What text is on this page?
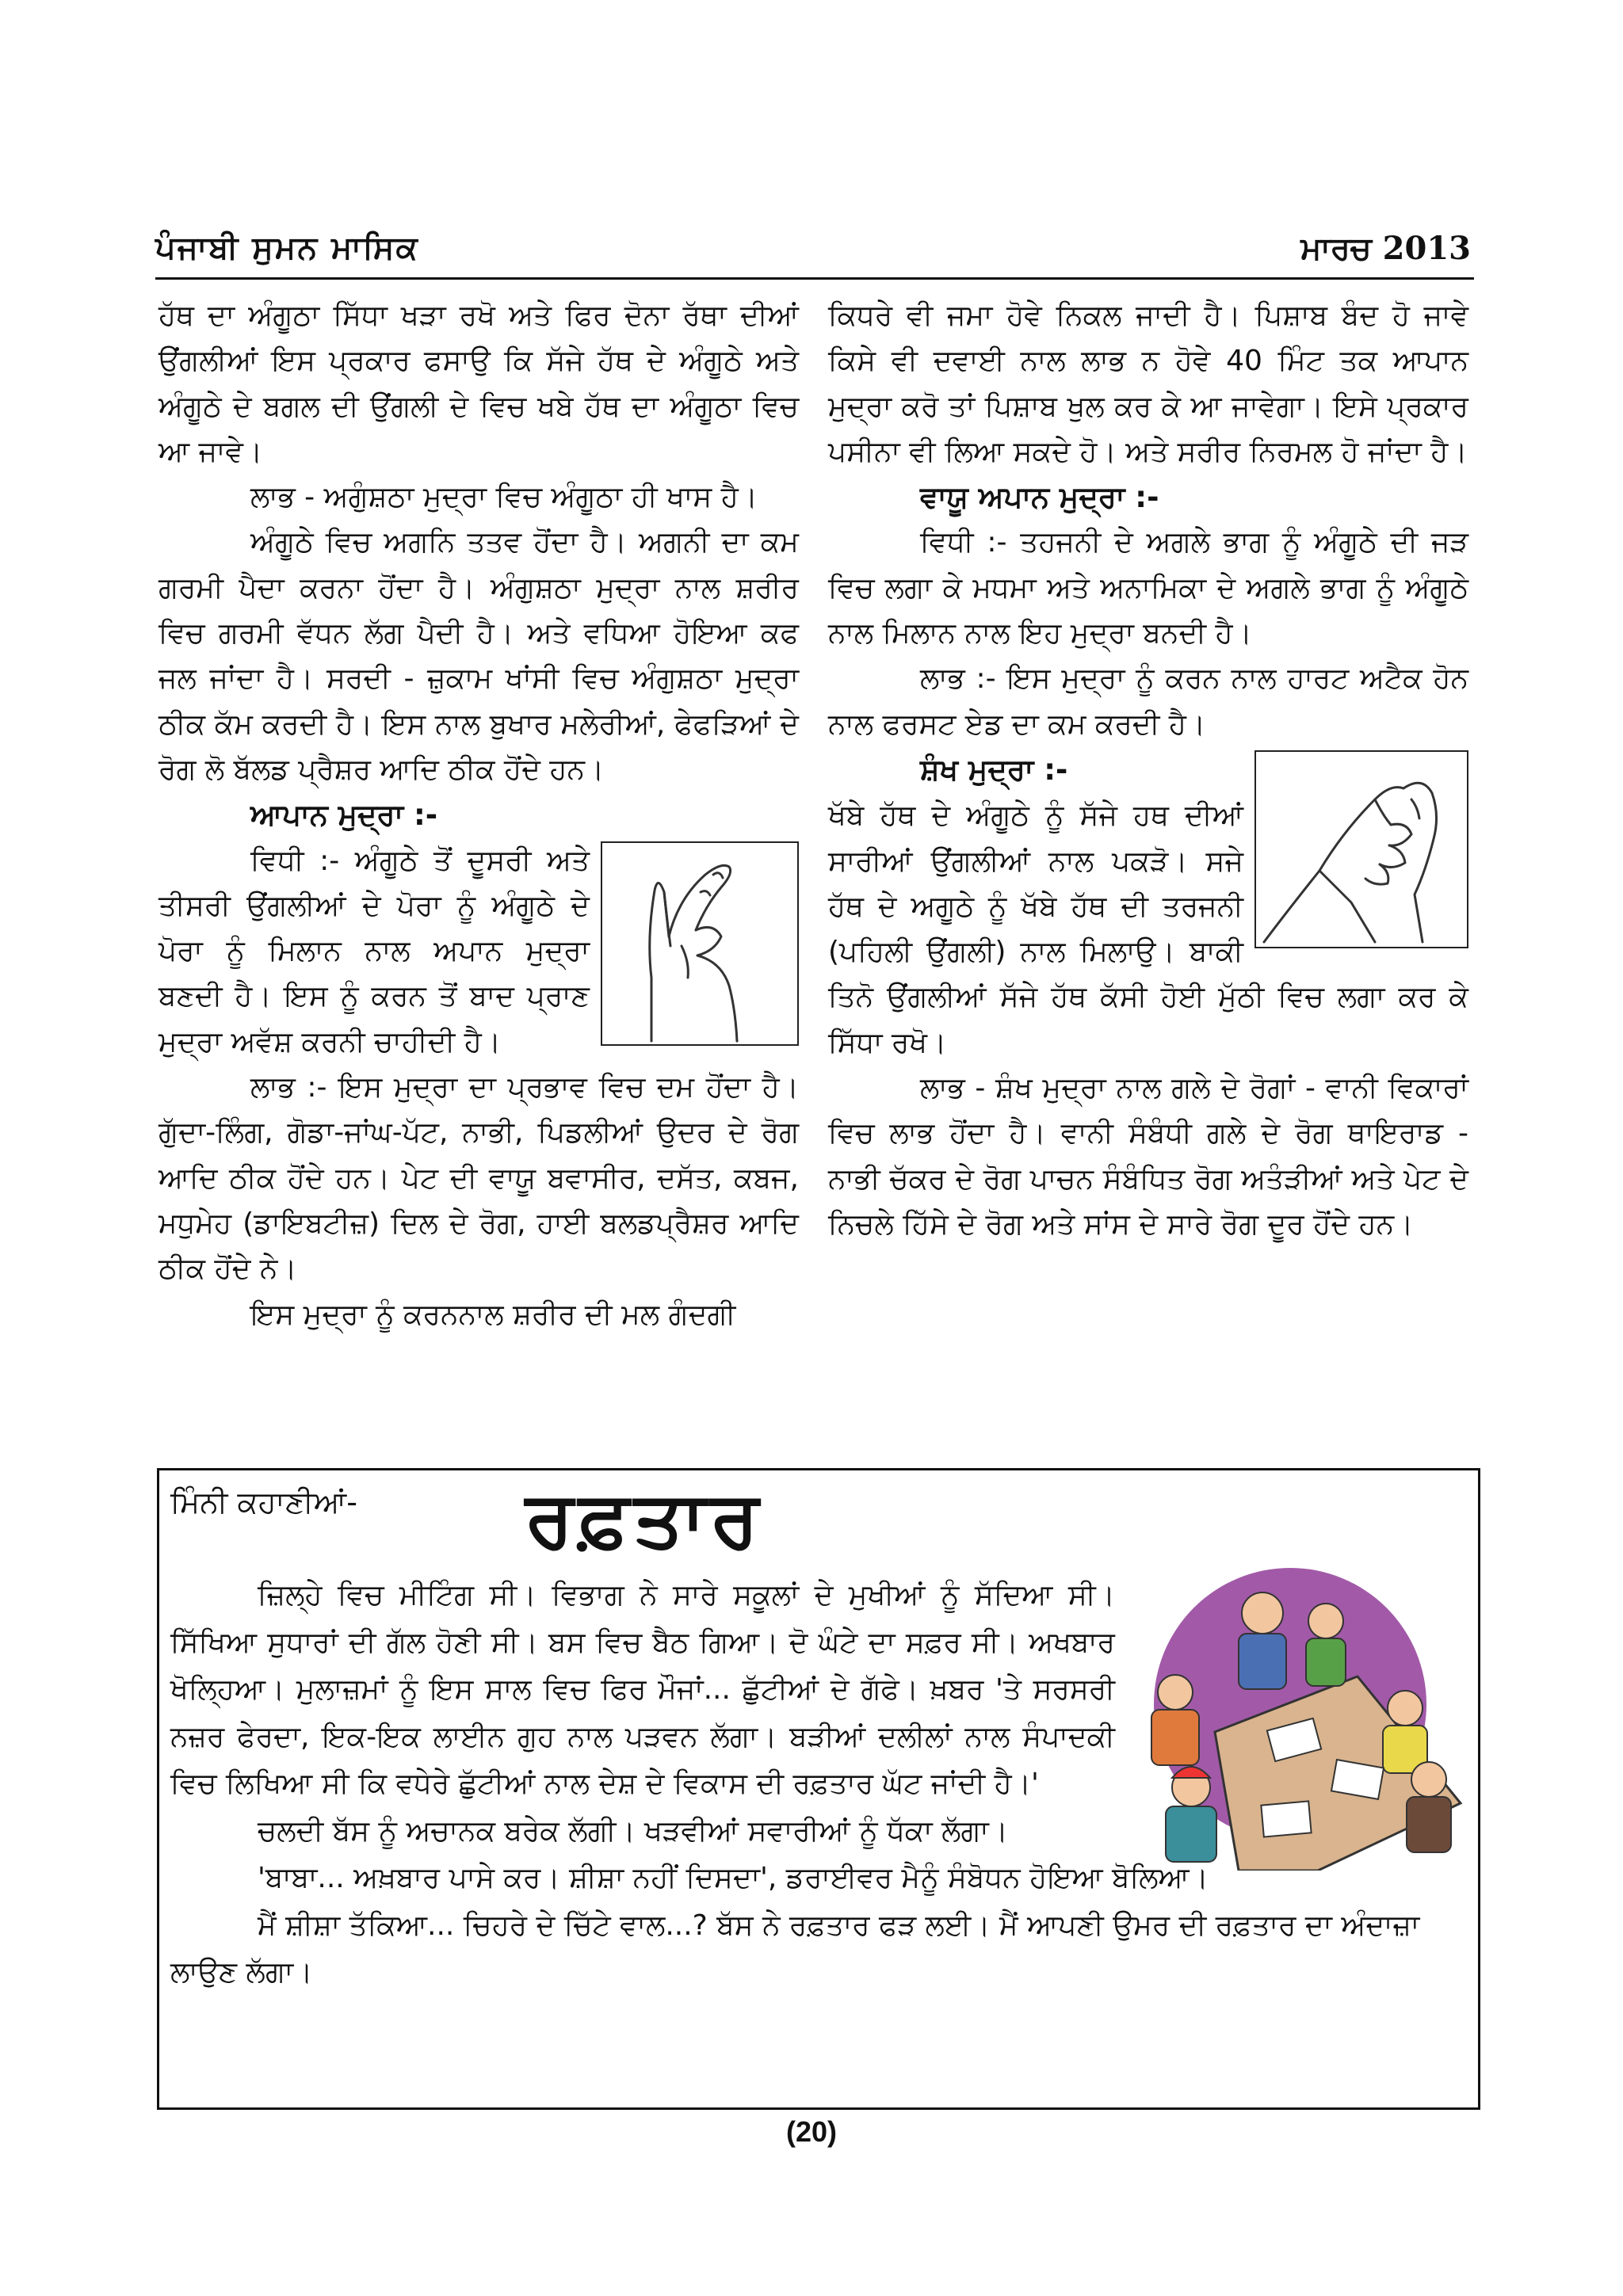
ਪੰਜਾਬੀ ਸੁਮਨ ਮਾਸਿਕ	ਮਾਰਚ 2013

ਹੱਥ ਦਾ ਅੰਗੂਠਾ ਸਿੱਧਾ ਖੜਾ ਰਖੋ ਅਤੇ ਫਿਰ ਦੋਨਾ ਰੱਥਾ ਦੀਆਂ ਉਂਗਲੀਆਂ ਇਸ ਪ੍ਰਕਾਰ ਫਸਾਉ ਕਿ ਸੱਜੇ ਹੱਥ ਦੇ ਅੰਗੂਠੇ ਅਤੇ ਅੰਗੂਠੇ ਦੇ ਬਗਲ ਦੀ ਉਂਗਲੀ ਦੇ ਵਿਚ ਖਬੇ ਹੱਥ ਦਾ ਅੰਗੂਠਾ ਵਿਚ ਆ ਜਾਵੇ।

ਲਾਭ - ਅਗੁੰਸ਼ਠਾ ਮੁਦ੍ਰਾ ਵਿਚ ਅੰਗੂਠਾ ਹੀ ਖਾਸ ਹੈ।

ਅੰਗੂਠੇ ਵਿਚ ਅਗਨਿ ਤਤਵ ਹੋਂਦਾ ਹੈ। ਅਗਨੀ ਦਾ ਕਮ ਗਰਮੀ ਪੈਦਾ ਕਰਨਾ ਹੋਂਦਾ ਹੈ। ਅੰਗੁਸ਼ਠਾ ਮੁਦ੍ਰਾ ਨਾਲ ਸ਼ਰੀਰ ਵਿਚ ਗਰਮੀ ਵੱਧਨ ਲੱਗ ਪੈਦੀ ਹੈ। ਅਤੇ ਵਧਿਆ ਹੋਇਆ ਕਫ ਜਲ ਜਾਂਦਾ ਹੈ। ਸਰਦੀ - ਜ਼ੁਕਾਮ ਖਾਂਸੀ ਵਿਚ ਅੰਗੁਸ਼ਠਾ ਮੁਦ੍ਰਾ ਠੀਕ ਕੱਮ ਕਰਦੀ ਹੈ। ਇਸ ਨਾਲ ਬੁਖਾਰ ਮਲੇਰੀਆਂ, ਫੇਫੜਿਆਂ ਦੇ ਰੋਗ ਲੋ ਬੱਲਡ ਪ੍ਰੈਸ਼ਰ ਆਦਿ ਠੀਕ ਹੋਂਦੇ ਹਨ।

ਆਪਾਨ ਮੁਦ੍ਰਾ :-

ਵਿਧੀ :- ਅੰਗੂਠੇ ਤੋਂ ਦੂਸਰੀ ਅਤੇ ਤੀਸਰੀ ਉਂਗਲੀਆਂ ਦੇ ਪੋਰਾ ਨੂੰ ਅੰਗੂਠੇ ਦੇ ਪੋਰਾ ਨੂੰ ਮਿਲਾਨ ਨਾਲ ਅਪਾਨ ਮੁਦ੍ਰਾ ਬਣਦੀ ਹੈ। ਇਸ ਨੂੰ ਕਰਨ ਤੋਂ ਬਾਦ ਪ੍ਰਾਣ ਮੁਦ੍ਰਾ ਅਵੱਸ਼ ਕਰਨੀ ਚਾਹੀਦੀ ਹੈ।

ਲਾਭ :- ਇਸ ਮੁਦ੍ਰਾ ਦਾ ਪ੍ਰਭਾਵ ਵਿਚ ਦਮ ਹੋਂਦਾ ਹੈ। ਗੁੱਦਾ-ਲਿੰਗ, ਗੋਡਾ-ਜਾਂਘ-ਪੱਟ, ਨਾਭੀ, ਪਿਡਲੀਆਂ ਉਦਰ ਦੇ ਰੋਗ ਆਦਿ ਠੀਕ ਹੋਂਦੇ ਹਨ। ਪੇਟ ਦੀ ਵਾਯੂ ਬਵਾਸੀਰ, ਦਸੱਤ, ਕਬਜ, ਮਧੁਮੇਹ (ਡਾਇਬਟੀਜ਼) ਦਿਲ ਦੇ ਰੋਗ, ਹਾਈ ਬਲਡਪ੍ਰੈਸ਼ਰ ਆਦਿ ਠੀਕ ਹੋਂਦੇ ਨੇ।

ਇਸ ਮੁਦ੍ਰਾ ਨੂੰ ਕਰਨਨਾਲ ਸ਼ਰੀਰ ਦੀ ਮਲ ਗੰਦਗੀ

ਕਿਧਰੇ ਵੀ ਜਮਾ ਹੋਵੇ ਨਿਕਲ ਜਾਦੀ ਹੈ। ਪਿਸ਼ਾਬ ਬੰਦ ਹੋ ਜਾਵੇ ਕਿਸੇ ਵੀ ਦਵਾਈ ਨਾਲ ਲਾਭ ਨ ਹੋਵੇ 40 ਮਿੰਟ ਤਕ ਆਪਾਨ ਮੁਦ੍ਰਾ ਕਰੋ ਤਾਂ ਪਿਸ਼ਾਬ ਖੁਲ ਕਰ ਕੇ ਆ ਜਾਵੇਗਾ। ਇਸੇ ਪ੍ਰਕਾਰ ਪਸੀਨਾ ਵੀ ਲਿਆ ਸਕਦੇ ਹੋ। ਅਤੇ ਸਰੀਰ ਨਿਰਮਲ ਹੋ ਜਾਂਦਾ ਹੈ।

ਵਾਯੂ ਅਪਾਨ ਮੁਦ੍ਰਾ :-

ਵਿਧੀ :- ਤਹਜਨੀ ਦੇ ਅਗਲੇ ਭਾਗ ਨੂੰ ਅੰਗੂਠੇ ਦੀ ਜੜ ਵਿਚ ਲਗਾ ਕੇ ਮਧਮਾ ਅਤੇ ਅਨਾਮਿਕਾ ਦੇ ਅਗਲੇ ਭਾਗ ਨੂੰ ਅੰਗੂਠੇ ਨਾਲ ਮਿਲਾਨ ਨਾਲ ਇਹ ਮੁਦ੍ਰਾ ਬਨਦੀ ਹੈ।

ਲਾਭ :- ਇਸ ਮੁਦ੍ਰਾ ਨੂੰ ਕਰਨ ਨਾਲ ਹਾਰਟ ਅਟੈਕ ਹੋਨ ਨਾਲ ਫਰਸਟ ਏਡ ਦਾ ਕਮ ਕਰਦੀ ਹੈ।

ਸ਼ੰਖ ਮੁਦ੍ਰਾ :-

ਖੱਬੇ ਹੱਥ ਦੇ ਅੰਗੂਠੇ ਨੂੰ ਸੱਜੇ ਹਥ ਦੀਆਂ ਸਾਰੀਆਂ ਉਂਗਲੀਆਂ ਨਾਲ ਪਕੜੋ। ਸਜੇ ਹੱਥ ਦੇ ਅਗੂਠੇ ਨੂੰ ਖੱਬੇ ਹੱਥ ਦੀ ਤਰਜਨੀ (ਪਹਿਲੀ ਉਂਗਲੀ) ਨਾਲ ਮਿਲਾਉ। ਬਾਕੀ ਤਿਨੋ ਉਂਗਲੀਆਂ ਸੱਜੇ ਹੱਥ ਕੱਸੀ ਹੋਈ ਮੁੱਠੀ ਵਿਚ ਲਗਾ ਕਰ ਕੇ ਸਿੱਧਾ ਰਖੋ।

ਲਾਭ - ਸ਼ੰਖ ਮੁਦ੍ਰਾ ਨਾਲ ਗਲੇ ਦੇ ਰੋਗਾਂ - ਵਾਨੀ ਵਿਕਾਰਾਂ ਵਿਚ ਲਾਭ ਹੋਂਦਾ ਹੈ। ਵਾਨੀ ਸੰਬੰਧੀ ਗਲੇ ਦੇ ਰੋਗ ਥਾਇਰਾਡ - ਨਾਭੀ ਚੱਕਰ ਦੇ ਰੋਗ ਪਾਚਨ ਸੰਬੰਧਿਤ ਰੋਗ ਅਤੰੜੀਆਂ ਅਤੇ ਪੇਟ ਦੇ ਨਿਚਲੇ ਹਿੱਸੇ ਦੇ ਰੋਗ ਅਤੇ ਸਾਂਸ ਦੇ ਸਾਰੇ ਰੋਗ ਦੂਰ ਹੋਂਦੇ ਹਨ।

ਮਿੰਨੀ ਕਹਾਣੀਆਂ- ਰਫ਼ਤਾਰ

ਜ਼ਿਲ੍ਹੇ ਵਿਚ ਮੀਟਿੰਗ ਸੀ। ਵਿਭਾਗ ਨੇ ਸਾਰੇ ਸਕੂਲਾਂ ਦੇ ਮੁਖੀਆਂ ਨੂੰ ਸੱਦਿਆ ਸੀ। ਸਿੱਖਿਆ ਸੁਧਾਰਾਂ ਦੀ ਗੱਲ ਹੋਣੀ ਸੀ। ਬਸ ਵਿਚ ਬੈਠ ਗਿਆ। ਦੋ ਘੰਟੇ ਦਾ ਸਫ਼ਰ ਸੀ। ਅਖਬਾਰ ਖੋਲ੍ਹਿਆ। ਮੁਲਾਜ਼ਮਾਂ ਨੂੰ ਇਸ ਸਾਲ ਵਿਚ ਫਿਰ ਮੌਜਾਂ... ਛੁੱਟੀਆਂ ਦੇ ਗੱਫੇ। ਖ਼ਬਰ 'ਤੇ ਸਰਸਰੀ ਨਜ਼ਰ ਫੇਰਦਾ, ਇਕ-ਇਕ ਲਾਈਨ ਗੁਹ ਨਾਲ ਪੜਵਨ ਲੱਗਾ। ਬੜੀਆਂ ਦਲੀਲਾਂ ਨਾਲ ਸੰਪਾਦਕੀ ਵਿਚ ਲਿਖਿਆ ਸੀ ਕਿ ਵਧੇਰੇ ਛੁੱਟੀਆਂ ਨਾਲ ਦੇਸ਼ ਦੇ ਵਿਕਾਸ ਦੀ ਰਫ਼ਤਾਰ ਘੱਟ ਜਾਂਦੀ ਹੈ।'

ਚਲਦੀ ਬੱਸ ਨੂੰ ਅਚਾਨਕ ਬਰੇਕ ਲੱਗੀ। ਖੜਵੀਆਂ ਸਵਾਰੀਆਂ ਨੂੰ ਧੱਕਾ ਲੱਗਾ।

'ਬਾਬਾ... ਅਖ਼ਬਾਰ ਪਾਸੇ ਕਰ। ਸ਼ੀਸ਼ਾ ਨਹੀਂ ਦਿਸਦਾ', ਡਰਾਈਵਰ ਮੈਨੂੰ ਸੰਬੋਧਨ ਹੋਇਆ ਬੋਲਿਆ।

ਮੈਂ ਸ਼ੀਸ਼ਾ ਤੱਕਿਆ... ਚਿਹਰੇ ਦੇ ਚਿੱਟੇ ਵਾਲ...? ਬੱਸ ਨੇ ਰਫ਼ਤਾਰ ਫੜ ਲਈ। ਮੈਂ ਆਪਣੀ ਉਮਰ ਦੀ ਰਫ਼ਤਾਰ ਦਾ ਅੰਦਾਜ਼ਾ ਲਾਉਣ ਲੱਗਾ।

(20)
